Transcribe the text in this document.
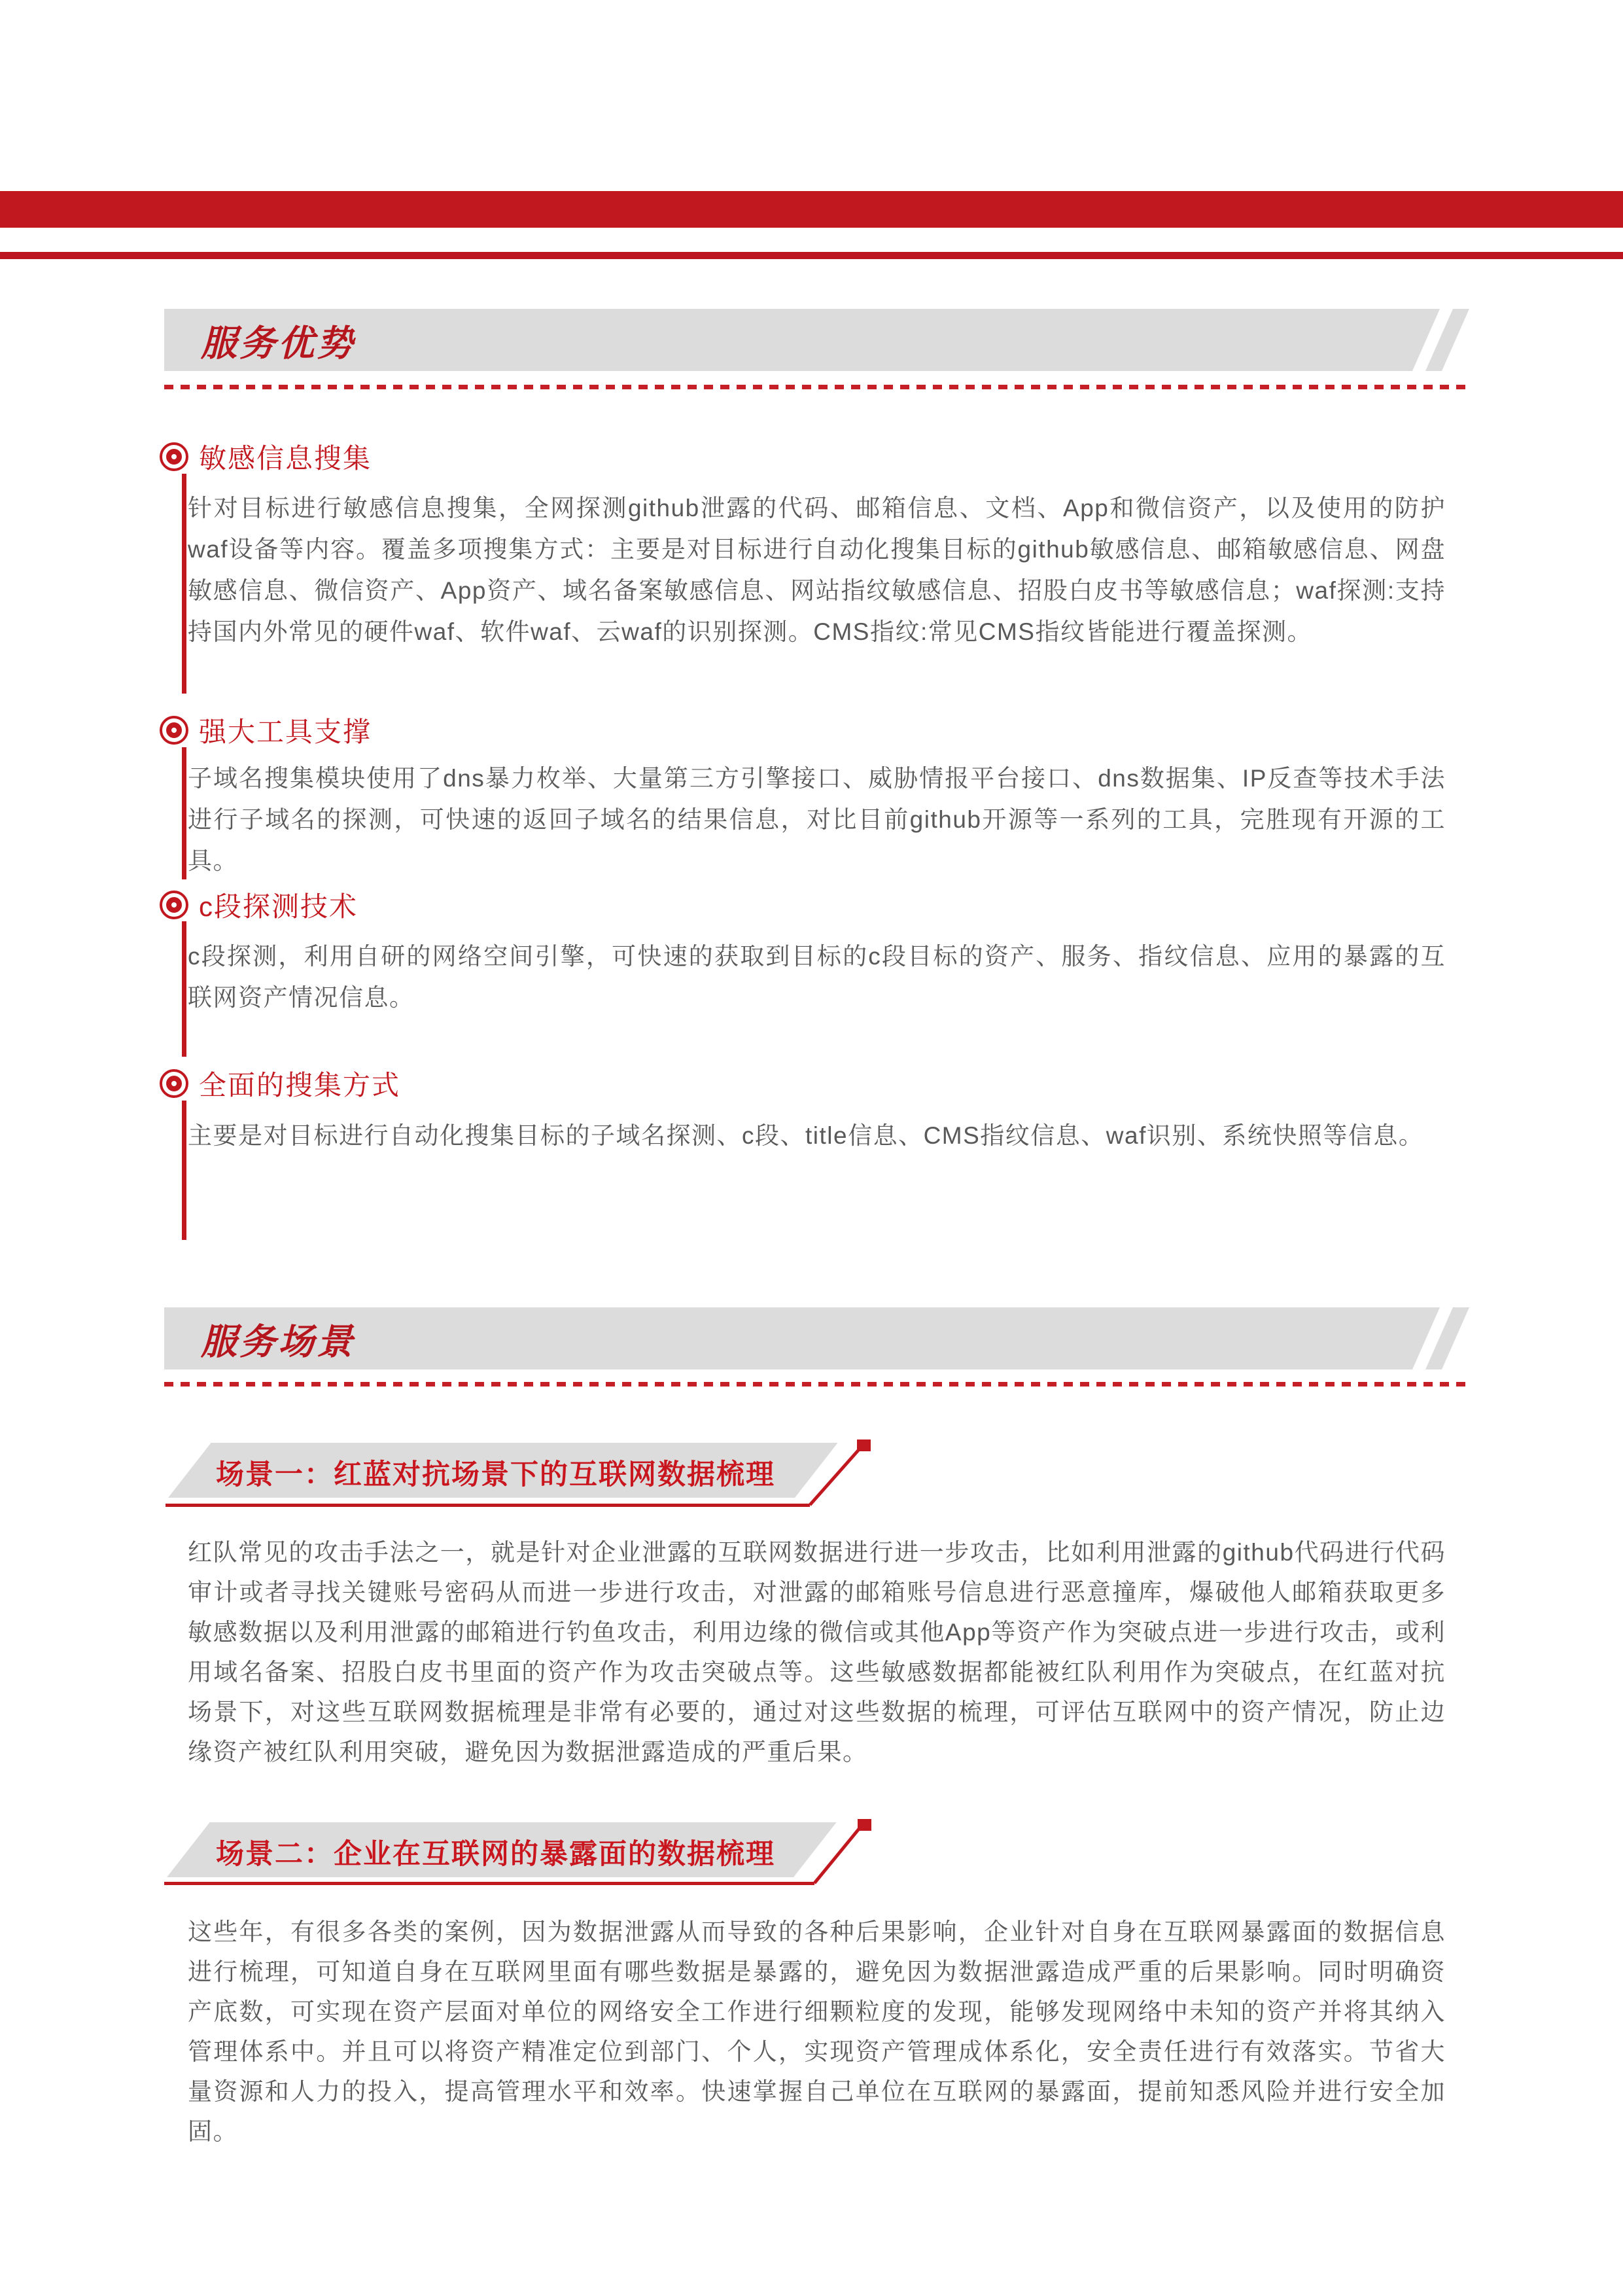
服务优势
敏感信息搜集
针对目标进行敏感信息搜集，全网探测github泄露的代码、邮箱信息、文档、App和微信资产，以及使用的防护waf设备等内容。覆盖多项搜集方式：主要是对目标进行自动化搜集目标的github敏感信息、邮箱敏感信息、网盘敏感信息、微信资产、App资产、域名备案敏感信息、网站指纹敏感信息、招股白皮书等敏感信息；waf探测:支持持国内外常见的硬件waf、软件waf、云waf的识别探测。CMS指纹:常见CMS指纹皆能进行覆盖探测。
强大工具支撑
子域名搜集模块使用了dns暴力枚举、大量第三方引擎接口、威胁情报平台接口、dns数据集、IP反查等技术手法进行子域名的探测，可快速的返回子域名的结果信息，对比目前github开源等一系列的工具，完胜现有开源的工具。
c段探测技术
c段探测，利用自研的网络空间引擎，可快速的获取到目标的c段目标的资产、服务、指纹信息、应用的暴露的互联网资产情况信息。
全面的搜集方式
主要是对目标进行自动化搜集目标的子域名探测、c段、title信息、CMS指纹信息、waf识别、系统快照等信息。
服务场景
场景一：红蓝对抗场景下的互联网数据梳理
红队常见的攻击手法之一，就是针对企业泄露的互联网数据进行进一步攻击，比如利用泄露的github代码进行代码审计或者寻找关键账号密码从而进一步进行攻击，对泄露的邮箱账号信息进行恶意撞库，爆破他人邮箱获取更多敏感数据以及利用泄露的邮箱进行钓鱼攻击，利用边缘的微信或其他App等资产作为突破点进一步进行攻击，或利用域名备案、招股白皮书里面的资产作为攻击突破点等。这些敏感数据都能被红队利用作为突破点，在红蓝对抗场景下，对这些互联网数据梳理是非常有必要的，通过对这些数据的梳理，可评估互联网中的资产情况，防止边缘资产被红队利用突破，避免因为数据泄露造成的严重后果。
场景二：企业在互联网的暴露面的数据梳理
这些年，有很多各类的案例，因为数据泄露从而导致的各种后果影响，企业针对自身在互联网暴露面的数据信息进行梳理，可知道自身在互联网里面有哪些数据是暴露的，避免因为数据泄露造成严重的后果影响。同时明确资产底数，可实现在资产层面对单位的网络安全工作进行细颗粒度的发现，能够发现网络中未知的资产并将其纳入管理体系中。并且可以将资产精准定位到部门、个人，实现资产管理成体系化，安全责任进行有效落实。节省大量资源和人力的投入，提高管理水平和效率。快速掌握自己单位在互联网的暴露面，提前知悉风险并进行安全加固。
